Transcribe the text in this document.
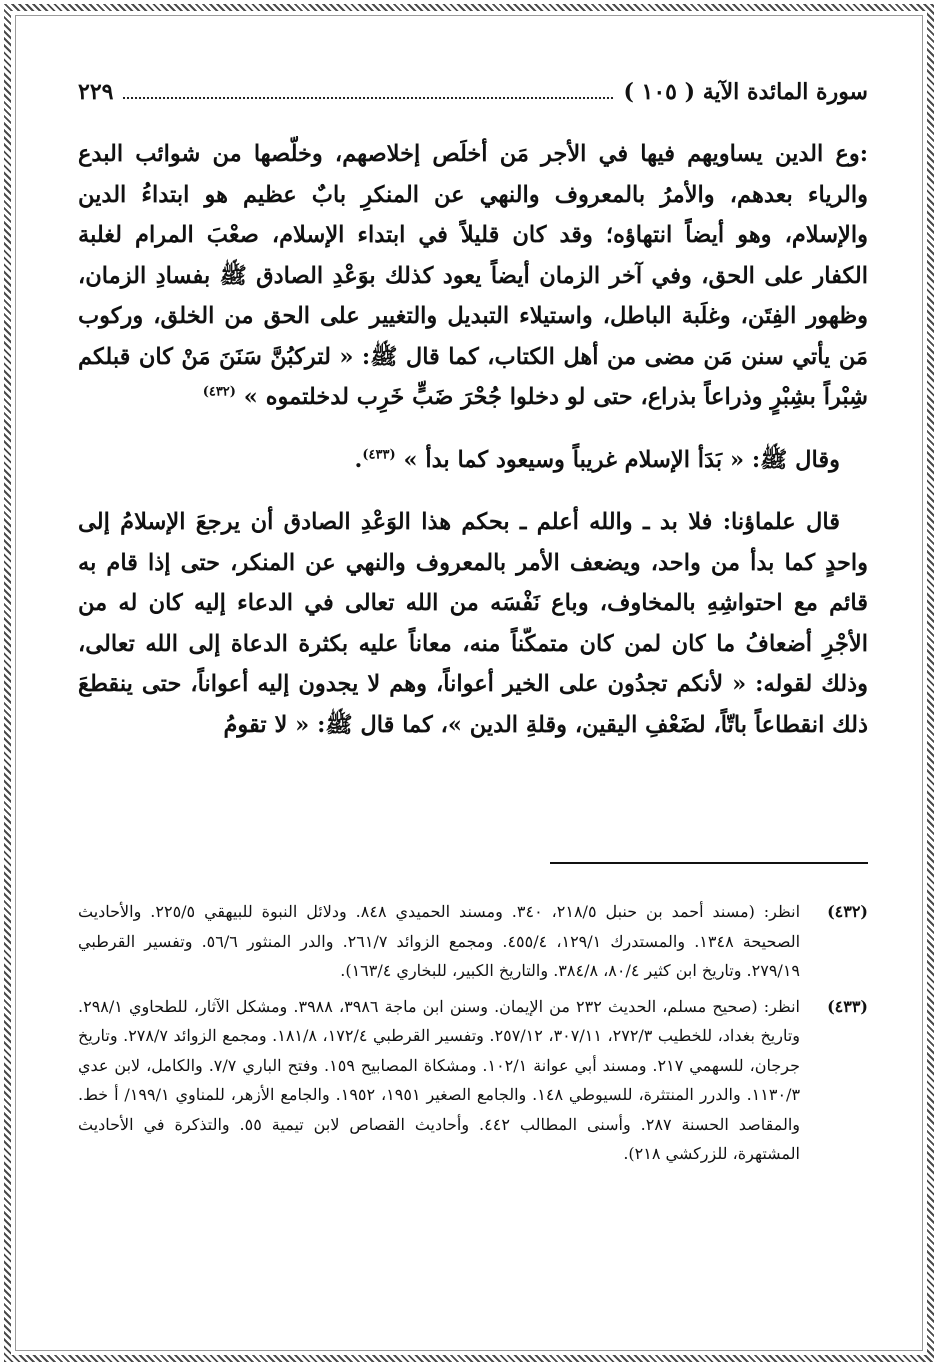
سورة المائدة الآية ( ١٠٥ )
٢٢٩

‏:وع الدين يساويهم فيها في الأجر مَن أخلَص إخلاصهم، وخلّصها من شوائب البدع والرياء بعدهم، والأمرُ بالمعروف والنهي عن المنكرِ بابٌ عظيم هو ابتداءُ الدين والإسلام، وهو أيضاً انتهاؤه؛ وقد كان قليلاً في ابتداء الإسلام، صعْبَ المرام لغلبة الكفار على الحق، وفي آخر الزمان أيضاً يعود كذلك بوَعْدِ الصادق ﷺ بفسادِ الزمان، وظهور الفِتَن، وغلَبة الباطل، واستيلاء التبديل والتغيير على الحق من الخلق، وركوب مَن يأتي سنن مَن مضى من أهل الكتاب، كما قال ﷺ: « لتركبُنَّ سَنَنَ مَنْ كان قبلكم شِبْراً بشِبْرٍ وذراعاً بذراع، حتى لو دخلوا جُحْرَ ضَبٍّ خَرِب لدخلتموه » $^{(٤٣٢)}$

وقال ﷺ: « بَدَأ الإسلام غريباً وسيعود كما بدأ » $^{(٤٣٣)}$.

قال علماؤنا: فلا بد ـ والله أعلم ـ بحكم هذا الوَعْدِ الصادق أن يرجعَ الإسلامُ إلى واحدٍ كما بدأ من واحد، ويضعف الأمر بالمعروف والنهي عن المنكر، حتى إذا قام به قائم مع احتواشِهِ بالمخاوف، وباع نَفْسَه من الله تعالى في الدعاء إليه كان له من الأجْرِ أضعافُ ما كان لمن كان متمكّناً منه، معاناً عليه بكثرة الدعاة إلى الله تعالى، وذلك لقوله: « لأنكم تجدُون على الخير أعواناً، وهم لا يجدون إليه أعواناً، حتى ينقطعَ ذلك انقطاعاً باتّاً، لضَعْفِ اليقين، وقلةِ الدين »، كما قال ﷺ: « لا تقومُ

(٤٣٢)
انظر: (مسند أحمد بن حنبل ٢١٨/٥، ٣٤٠. ومسند الحميدي ٨٤٨. ودلائل النبوة للبيهقي ٢٢٥/٥. والأحاديث الصحيحة ١٣٤٨. والمستدرك ١٢٩/١، ٤٥٥/٤. ومجمع الزوائد ٢٦١/٧. والدر المنثور ٥٦/٦. وتفسير القرطبي ٢٧٩/١٩. وتاريخ ابن كثير ٨٠/٤، ٣٨٤/٨. والتاريخ الكبير، للبخاري ١٦٣/٤).
(٤٣٣)
انظر: (صحيح مسلم، الحديث ٢٣٢ من الإيمان. وسنن ابن ماجة ٣٩٨٦، ٣٩٨٨. ومشكل الآثار، للطحاوي ٢٩٨/١. وتاريخ بغداد، للخطيب ٢٧٢/٣، ٣٠٧/١١، ٢٥٧/١٢. وتفسير القرطبي ١٧٢/٤، ١٨١/٨. ومجمع الزوائد ٢٧٨/٧. وتاريخ جرجان، للسهمي ٢١٧. ومسند أبي عوانة ١٠٢/١. ومشكاة المصابيح ١٥٩. وفتح الباري ٧/٧. والكامل، لابن عدي ١١٣٠/٣. والدرر المنتثرة، للسيوطي ١٤٨. والجامع الصغير ١٩٥١، ١٩٥٢. والجامع الأزهر، للمناوي ١٩٩/١/ أ خط. والمقاصد الحسنة ٢٨٧. وأسنى المطالب ٤٤٢. وأحاديث القصاص لابن تيمية ٥٥. والتذكرة في الأحاديث المشتهرة، للزركشي ٢١٨).
